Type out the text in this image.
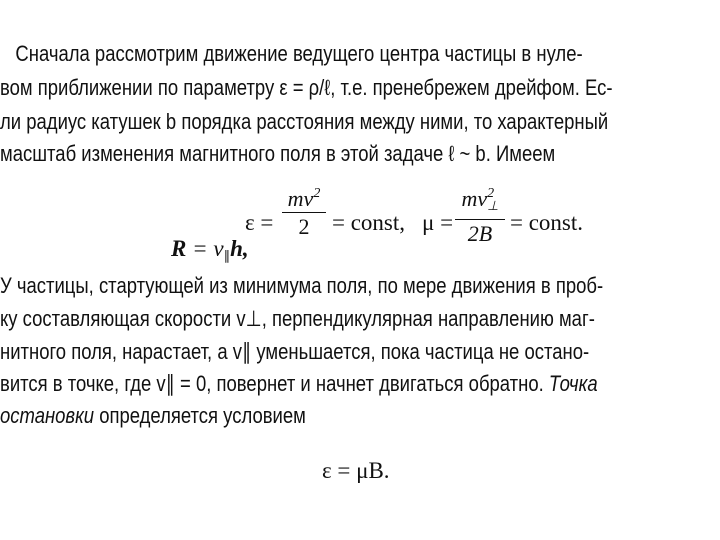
Сначала рассмотрим движение ведущего центра частицы в нуле-
вом приближении по параметру ε = ρ/ℓ, т.е. пренебрежем дрейфом. Ес-
ли радиус катушек b порядка расстояния между ними, то характерный
масштаб изменения магнитного поля в этой задаче ℓ ~ b. Имеем

R = v∥h,

ε =
$mv^2$
2 = const, μ =
$mv^2\perp$
2B = const.
У частицы, стартующей из минимума поля, по мере движения в проб-
ку составляющая скорости v⊥, перпендикулярная направлению маг-
нитного поля, нарастает, а v∥ уменьшается, пока частица не остано-
вится в точке, где v∥ = 0, повернет и начнет двигаться обратно. Точка
остановки определяется условием
ε = μB.
